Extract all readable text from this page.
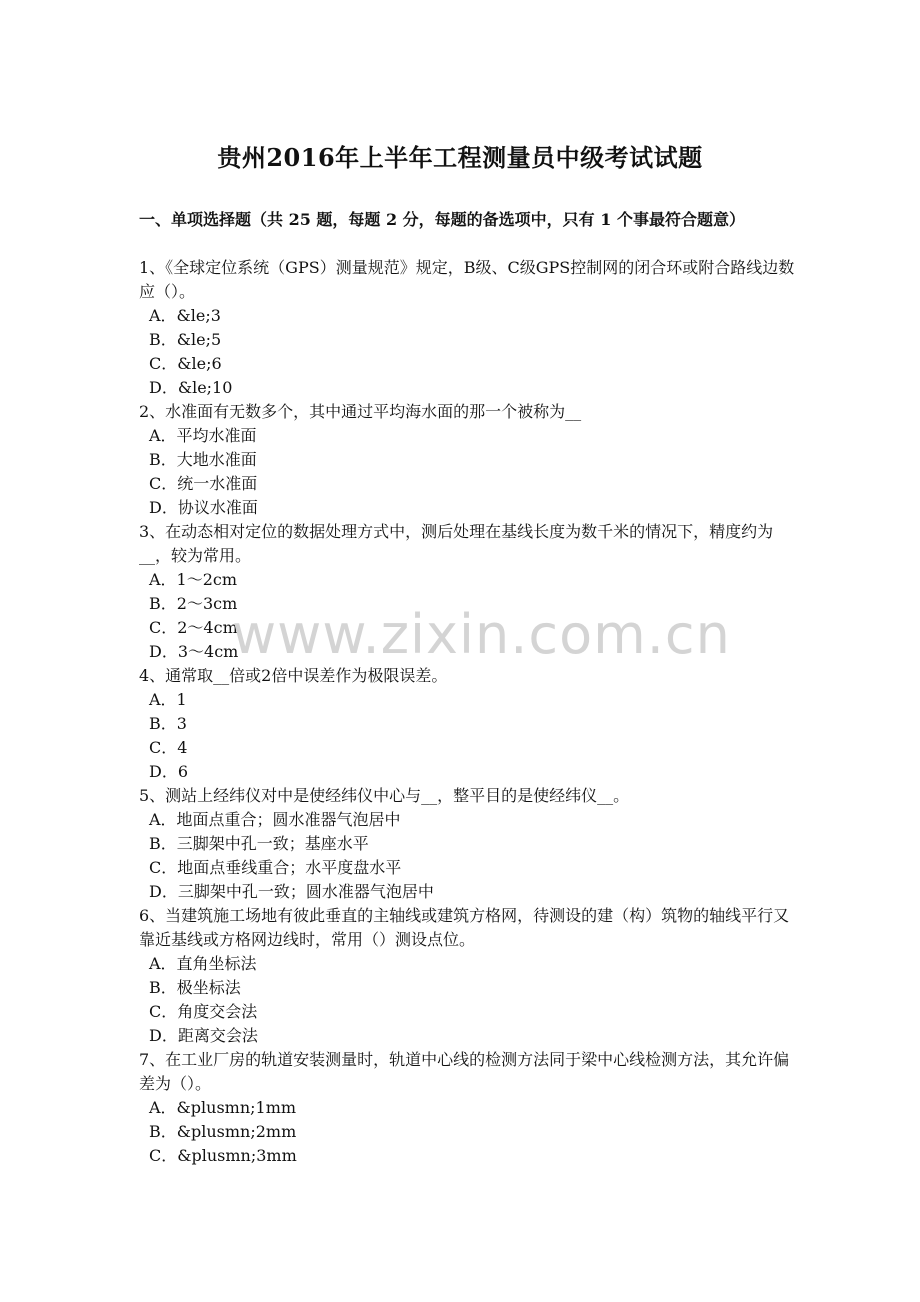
贵州2016年上半年工程测量员中级考试试题
一、单项选择题（共 25 题，每题 2 分，每题的备选项中，只有 1 个事最符合题意）
1、《全球定位系统（GPS）测量规范》规定，B级、C级GPS控制网的闭合环或附合路线边数应（）。
A．&le;3
B．&le;5
C．&le;6
D．&le;10
2、水准面有无数多个，其中通过平均海水面的那一个被称为__
A．平均水准面
B．大地水准面
C．统一水准面
D．协议水准面
3、在动态相对定位的数据处理方式中，测后处理在基线长度为数千米的情况下，精度约为__，较为常用。
A．1～2cm
B．2～3cm
C．2～4cm
D．3～4cm
4、通常取__倍或2倍中误差作为极限误差。
A．1
B．3
C．4
D．6
5、测站上经纬仪对中是使经纬仪中心与__，整平目的是使经纬仪__。
A．地面点重合；圆水准器气泡居中
B．三脚架中孔一致；基座水平
C．地面点垂线重合；水平度盘水平
D．三脚架中孔一致；圆水准器气泡居中
6、当建筑施工场地有彼此垂直的主轴线或建筑方格网，待测设的建（构）筑物的轴线平行又靠近基线或方格网边线时，常用（）测设点位。
A．直角坐标法
B．极坐标法
C．角度交会法
D．距离交会法
7、在工业厂房的轨道安装测量时，轨道中心线的检测方法同于梁中心线检测方法，其允许偏差为（）。
A．&plusmn;1mm
B．&plusmn;2mm
C．&plusmn;3mm
www.zixin.com.cn
